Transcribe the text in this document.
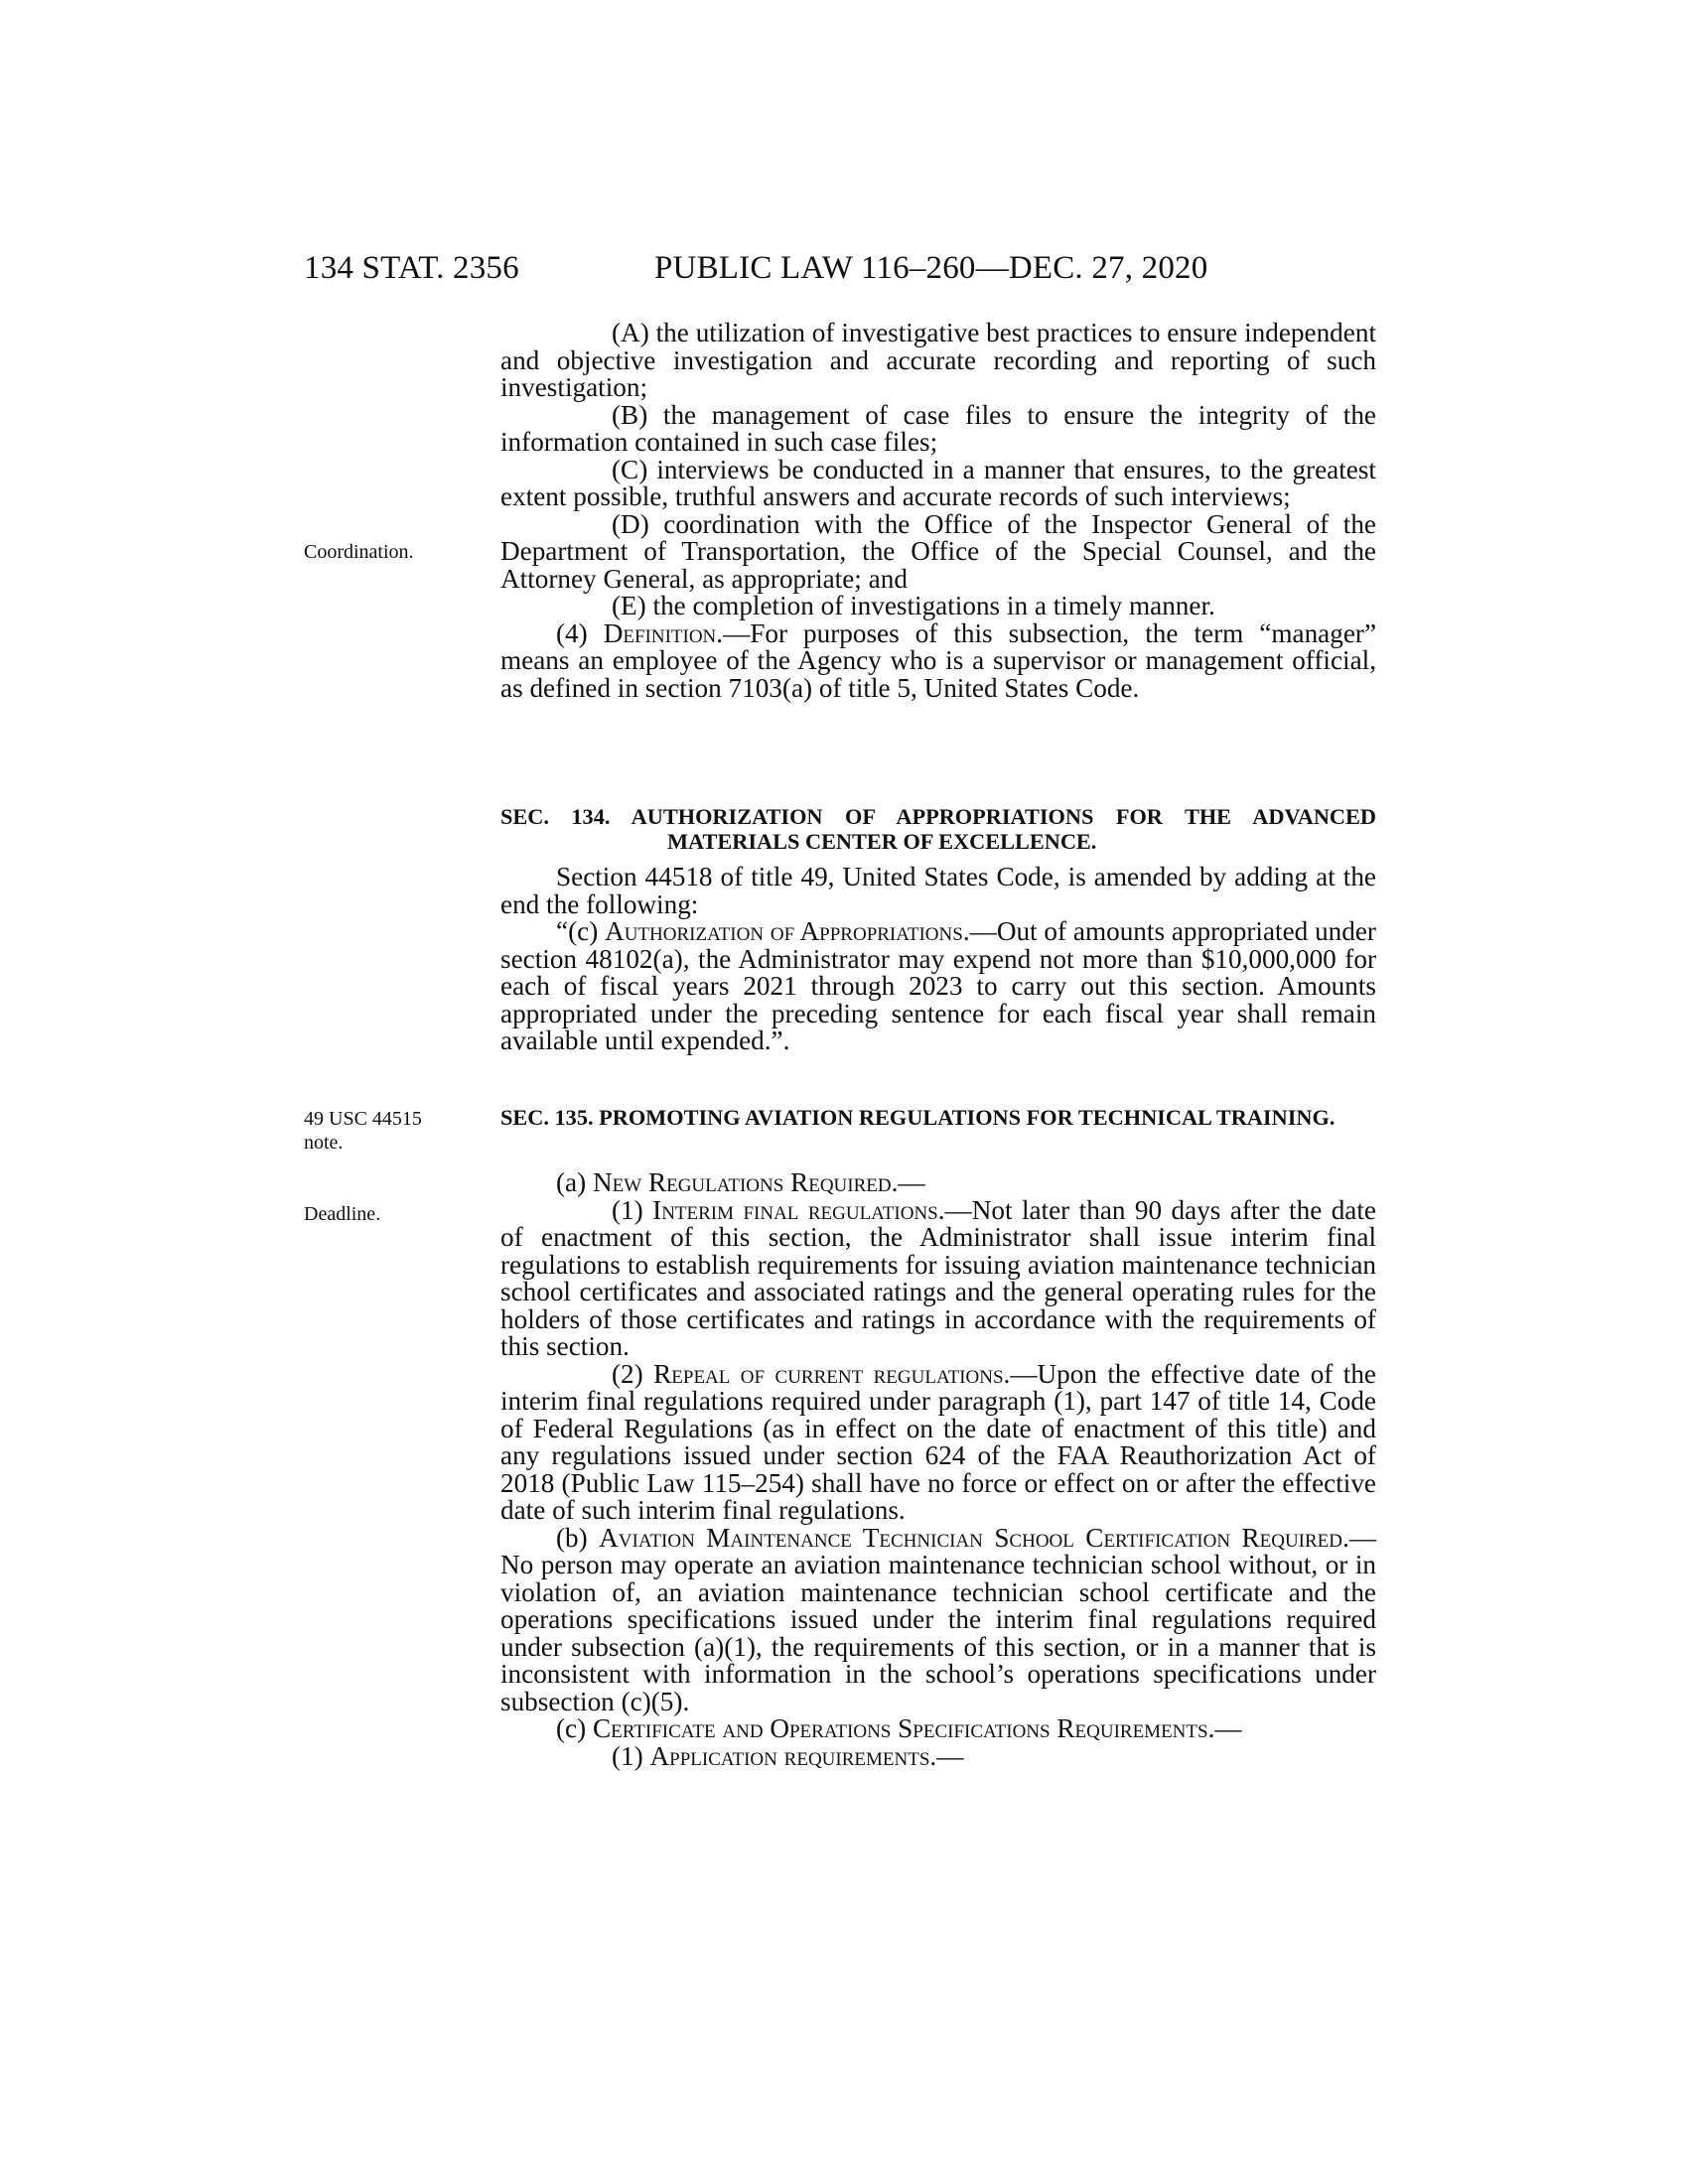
134 STAT. 2356	PUBLIC LAW 116–260—DEC. 27, 2020
Coordination.
49 USC 44515
note.
Deadline.

(A) the utilization of investigative best practices to ensure independent and objective investigation and accurate recording and reporting of such investigation;

(B) the management of case files to ensure the integrity of the information contained in such case files;

(C) interviews be conducted in a manner that ensures, to the greatest extent possible, truthful answers and accurate records of such interviews;

(D) coordination with the Office of the Inspector General of the Department of Transportation, the Office of the Special Counsel, and the Attorney General, as appropriate; and

(E) the completion of investigations in a timely manner.

(4) Definition.—For purposes of this subsection, the term “manager” means an employee of the Agency who is a supervisor or management official, as defined in section 7103(a) of title 5, United States Code.

SEC. 134. AUTHORIZATION OF APPROPRIATIONS FOR THE ADVANCED MATERIALS CENTER OF EXCELLENCE.

Section 44518 of title 49, United States Code, is amended by adding at the end the following:

“(c) Authorization of Appropriations.—Out of amounts appropriated under section 48102(a), the Administrator may expend not more than $10,000,000 for each of fiscal years 2021 through 2023 to carry out this section. Amounts appropriated under the preceding sentence for each fiscal year shall remain available until expended.”.

SEC. 135. PROMOTING AVIATION REGULATIONS FOR TECHNICAL TRAINING.

(a) New Regulations Required.—

(1) Interim final regulations.—Not later than 90 days after the date of enactment of this section, the Administrator shall issue interim final regulations to establish requirements for issuing aviation maintenance technician school certificates and associated ratings and the general operating rules for the holders of those certificates and ratings in accordance with the requirements of this section.

(2) Repeal of current regulations.—Upon the effective date of the interim final regulations required under paragraph (1), part 147 of title 14, Code of Federal Regulations (as in effect on the date of enactment of this title) and any regulations issued under section 624 of the FAA Reauthorization Act of 2018 (Public Law 115–254) shall have no force or effect on or after the effective date of such interim final regulations.

(b) Aviation Maintenance Technician School Certification Required.—No person may operate an aviation maintenance technician school without, or in violation of, an aviation maintenance technician school certificate and the operations specifications issued under the interim final regulations required under subsection (a)(1), the requirements of this section, or in a manner that is inconsistent with information in the school’s operations specifications under subsection (c)(5).

(c) Certificate and Operations Specifications Requirements.—

(1) Application requirements.—
